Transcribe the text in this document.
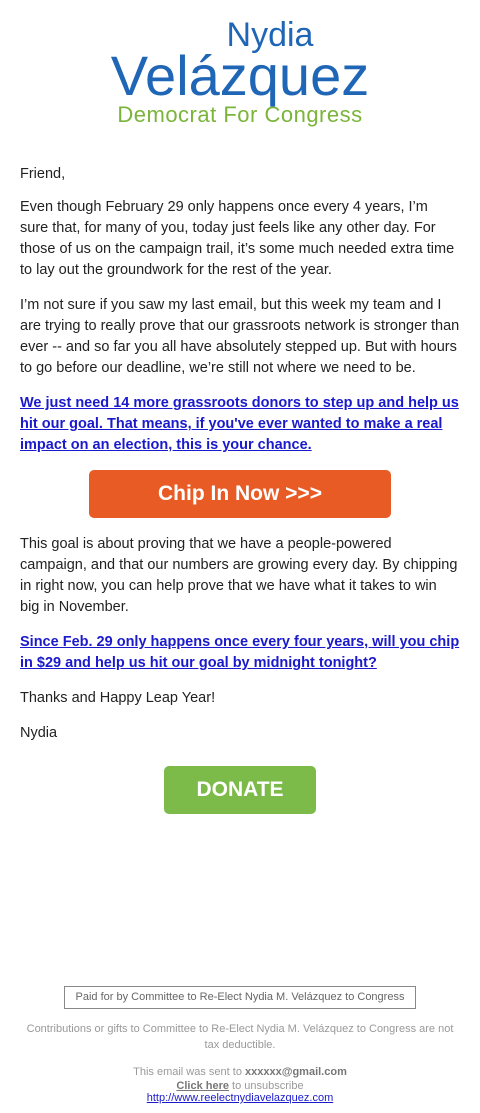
Nydia
Velázquez
Democrat For Congress

Friend,

Even though February 29 only happens once every 4 years, I’m sure that, for many of you, today just feels like any other day. For those of us on the campaign trail, it’s some much needed extra time to lay out the groundwork for the rest of the year.

I’m not sure if you saw my last email, but this week my team and I are trying to really prove that our grassroots network is stronger than ever -- and so far you all have absolutely stepped up. But with hours to go before our deadline, we’re still not where we need to be.

We just need 14 more grassroots donors to step up and help us hit our goal. That means, if you've ever wanted to make a real impact on an election, this is your chance.

Chip In Now >>>

This goal is about proving that we have a people-powered campaign, and that our numbers are growing every day. By chipping in right now, you can help prove that we have what it takes to win big in November.

Since Feb. 29 only happens once every four years, will you chip in $29 and help us hit our goal by midnight tonight?

Thanks and Happy Leap Year!

Nydia

DONATE
Paid for by Committee to Re-Elect Nydia M. Velázquez to Congress
Contributions or gifts to Committee to Re-Elect Nydia M. Velázquez to Congress are not tax deductible.
This email was sent to xxxxxx@gmail.com
Click here to unsubscribe
http://www.reelectnydiavelazquez.com
